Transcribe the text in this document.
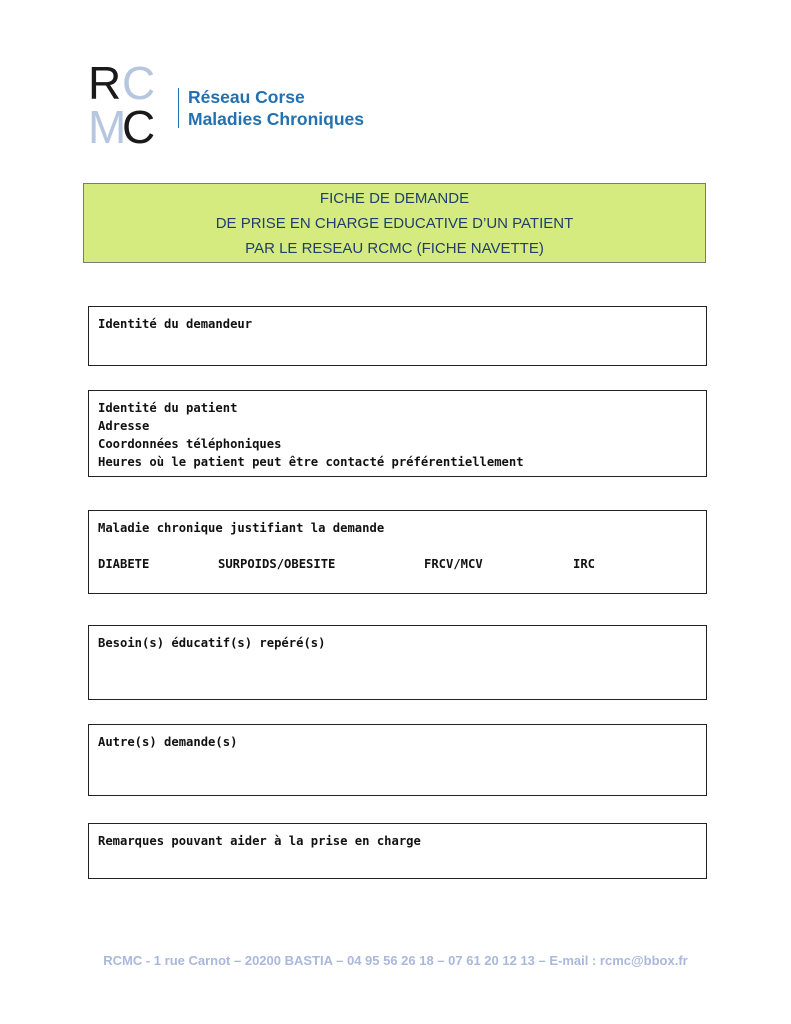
R C
M
C
Réseau Corse
Maladies Chroniques
FICHE DE DEMANDE
DE PRISE EN CHARGE EDUCATIVE D’UN PATIENT
PAR LE RESEAU RCMC (FICHE NAVETTE)
Identité du demandeur
Identité du patient
Adresse
Coordonnées téléphoniques
Heures où le patient peut être contacté préférentiellement
Maladie chronique justifiant la demande
DIABETE	SURPOIDS/OBESITE	FRCV/MCV	IRC
Besoin(s) éducatif(s) repéré(s)
Autre(s) demande(s)
Remarques pouvant aider à la prise en charge
RCMC - 1 rue Carnot – 20200 BASTIA – 04 95 56 26 18 – 07 61 20 12 13 – E-mail : rcmc@bbox.fr
